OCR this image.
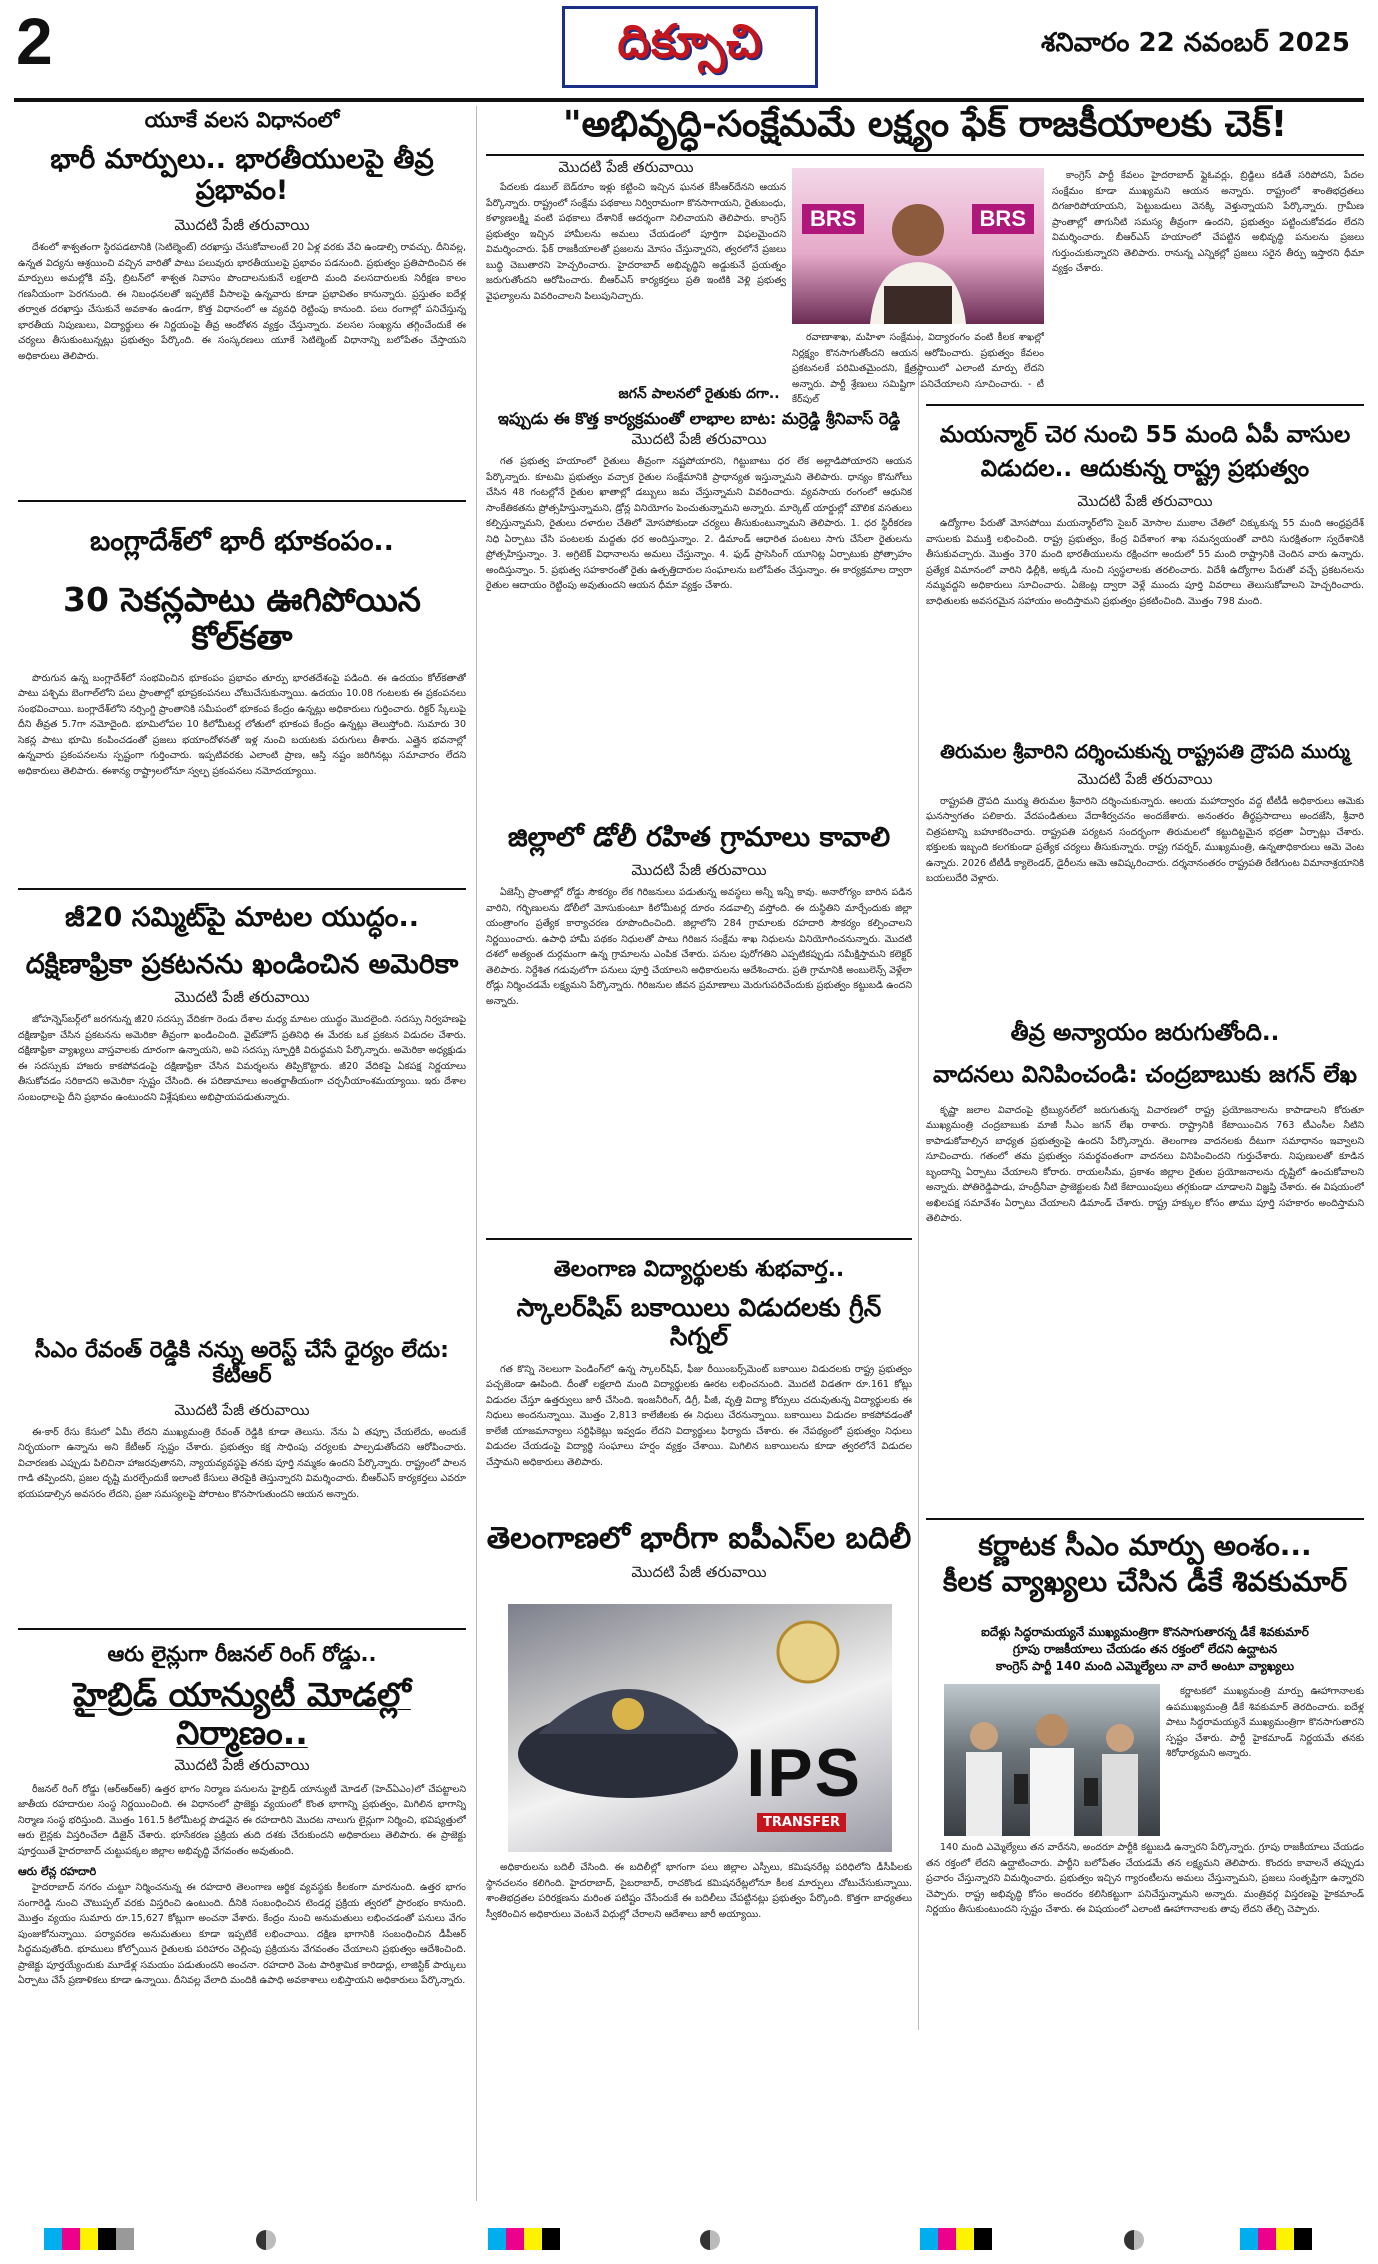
2	దిక్సూచి	శనివారం 22 నవంబర్ 2025
యూకే వలస విధానంలో
భారీ మార్పులు.. భారతీయులపై తీవ్ర ప్రభావం!
మొదటి పేజీ తరువాయి

దేశంలో శాశ్వతంగా స్థిరపడటానికి (సెటిల్మెంట్) దరఖాస్తు చేసుకోవాలంటే 20 ఏళ్ల వరకు వేచి ఉండాల్సి రావచ్చు. దీనివల్ల, ఉన్నత విద్యను ఆశ్రయించి వచ్చిన వారితో పాటు పలువురు భారతీయులపై ప్రభావం పడనుంది. ప్రభుత్వం ప్రతిపాదించిన ఈ మార్పులు అమల్లోకి వస్తే, బ్రిటన్‌లో శాశ్వత నివాసం పొందాలనుకునే లక్షలాది మంది వలసదారులకు నిరీక్షణ కాలం గణనీయంగా పెరగనుంది. ఈ నిబంధనలతో ఇప్పటికే వీసాలపై ఉన్నవారు కూడా ప్రభావితం కానున్నారు. ప్రస్తుతం ఐదేళ్ల తర్వాత దరఖాస్తు చేసుకునే అవకాశం ఉండగా, కొత్త విధానంలో ఆ వ్యవధి రెట్టింపు కానుంది. పలు రంగాల్లో పనిచేస్తున్న భారతీయ నిపుణులు, విద్యార్థులు ఈ నిర్ణయంపై తీవ్ర ఆందోళన వ్యక్తం చేస్తున్నారు. వలసల సంఖ్యను తగ్గించేందుకే ఈ చర్యలు తీసుకుంటున్నట్లు ప్రభుత్వం పేర్కొంది. ఈ సంస్కరణలు యూకే సెటిల్మెంట్ విధానాన్ని బలోపేతం చేస్తాయని అధికారులు తెలిపారు.

బంగ్లాదేశ్‌లో భారీ భూకంపం..
30 సెకన్లపాటు ఊగిపోయిన కోల్‌కతా

పొరుగున ఉన్న బంగ్లాదేశ్‌లో సంభవించిన భూకంపం ప్రభావం తూర్పు భారతదేశంపై పడింది. ఈ ఉదయం కోల్‌కతాతో పాటు పశ్చిమ బెంగాల్‌లోని పలు ప్రాంతాల్లో భూప్రకంపనలు చోటుచేసుకున్నాయి. ఉదయం 10.08 గంటలకు ఈ ప్రకంపనలు సంభవించాయి. బంగ్లాదేశ్‌లోని నర్సింగ్డి ప్రాంతానికి సమీపంలో భూకంప కేంద్రం ఉన్నట్లు అధికారులు గుర్తించారు. రిక్టర్ స్కేలుపై దీని తీవ్రత 5.7గా నమోదైంది. భూమిలోపల 10 కిలోమీటర్ల లోతులో భూకంప కేంద్రం ఉన్నట్లు తెలుస్తోంది. సుమారు 30 సెకన్ల పాటు భూమి కంపించడంతో ప్రజలు భయాందోళనతో ఇళ్ల నుంచి బయటకు పరుగులు తీశారు. ఎత్తైన భవనాల్లో ఉన్నవారు ప్రకంపనలను స్పష్టంగా గుర్తించారు. ఇప్పటివరకు ఎలాంటి ప్రాణ, ఆస్తి నష్టం జరిగినట్లు సమాచారం లేదని అధికారులు తెలిపారు. ఈశాన్య రాష్ట్రాలలోనూ స్వల్ప ప్రకంపనలు నమోదయ్యాయి.

జీ20 సమ్మిట్‌పై మాటల యుద్ధం..
దక్షిణాఫ్రికా ప్రకటనను ఖండించిన అమెరికా
మొదటి పేజీ తరువాయి

జోహన్నెస్‌బర్గ్‌లో జరగనున్న జీ20 సదస్సు వేదికగా రెండు దేశాల మధ్య మాటల యుద్ధం మొదలైంది. సదస్సు నిర్వహణపై దక్షిణాఫ్రికా చేసిన ప్రకటనను అమెరికా తీవ్రంగా ఖండించింది. వైట్‌హౌస్ ప్రతినిధి ఈ మేరకు ఒక ప్రకటన విడుదల చేశారు. దక్షిణాఫ్రికా వ్యాఖ్యలు వాస్తవాలకు దూరంగా ఉన్నాయని, అవి సదస్సు స్ఫూర్తికి విరుద్ధమని పేర్కొన్నారు. అమెరికా అధ్యక్షుడు ఈ సదస్సుకు హాజరు కాకపోవడంపై దక్షిణాఫ్రికా చేసిన విమర్శలను తిప్పికొట్టారు. జీ20 వేదికపై ఏకపక్ష నిర్ణయాలు తీసుకోవడం సరికాదని అమెరికా స్పష్టం చేసింది. ఈ పరిణామాలు అంతర్జాతీయంగా చర్చనీయాంశమయ్యాయి. ఇరు దేశాల సంబంధాలపై దీని ప్రభావం ఉంటుందని విశ్లేషకులు అభిప్రాయపడుతున్నారు.

సీఎం రేవంత్ రెడ్డికి నన్ను అరెస్ట్ చేసే ధైర్యం లేదు: కేటీఆర్
మొదటి పేజీ తరువాయి

ఈ-కార్ రేసు కేసులో ఏమీ లేదని ముఖ్యమంత్రి రేవంత్ రెడ్డికి కూడా తెలుసు. నేను ఏ తప్పూ చేయలేదు, అందుకే నిర్భయంగా ఉన్నాను అని కేటీఆర్ స్పష్టం చేశారు. ప్రభుత్వం కక్ష సాధింపు చర్యలకు పాల్పడుతోందని ఆరోపించారు. విచారణకు ఎప్పుడు పిలిచినా హాజరవుతానని, న్యాయవ్యవస్థపై తనకు పూర్తి నమ్మకం ఉందని పేర్కొన్నారు. రాష్ట్రంలో పాలన గాడి తప్పిందని, ప్రజల దృష్టి మరల్చేందుకే ఇలాంటి కేసులు తెరపైకి తెస్తున్నారని విమర్శించారు. బీఆర్ఎస్ కార్యకర్తలు ఎవరూ భయపడాల్సిన అవసరం లేదని, ప్రజా సమస్యలపై పోరాటం కొనసాగుతుందని ఆయన అన్నారు.

ఆరు లైన్లుగా రీజనల్ రింగ్ రోడ్డు..
హైబ్రిడ్ యాన్యుటీ మోడల్లో నిర్మాణం..
మొదటి పేజీ తరువాయి

రీజనల్ రింగ్ రోడ్డు (ఆర్ఆర్ఆర్) ఉత్తర భాగం నిర్మాణ పనులను హైబ్రిడ్ యాన్యుటీ మోడల్ (హెచ్ఏఎం)లో చేపట్టాలని జాతీయ రహదారుల సంస్థ నిర్ణయించింది. ఈ విధానంలో ప్రాజెక్టు వ్యయంలో కొంత భాగాన్ని ప్రభుత్వం, మిగిలిన భాగాన్ని నిర్మాణ సంస్థ భరిస్తుంది. మొత్తం 161.5 కిలోమీటర్ల పొడవైన ఈ రహదారిని మొదట నాలుగు లైన్లుగా నిర్మించి, భవిష్యత్తులో ఆరు లైన్లకు విస్తరించేలా డిజైన్ చేశారు. భూసేకరణ ప్రక్రియ తుది దశకు చేరుకుందని అధికారులు తెలిపారు. ఈ ప్రాజెక్టు పూర్తయితే హైదరాబాద్ చుట్టుపక్కల జిల్లాల అభివృద్ధి వేగవంతం అవుతుంది.

ఆరు లేన్ల రహదారి

హైదరాబాద్ నగరం చుట్టూ నిర్మించనున్న ఈ రహదారి తెలంగాణ ఆర్థిక వ్యవస్థకు కీలకంగా మారనుంది. ఉత్తర భాగం సంగారెడ్డి నుంచి చౌటుప్పల్ వరకు విస్తరించి ఉంటుంది. దీనికి సంబంధించిన టెండర్ల ప్రక్రియ త్వరలో ప్రారంభం కానుంది. మొత్తం వ్యయం సుమారు రూ.15,627 కోట్లుగా అంచనా వేశారు. కేంద్రం నుంచి అనుమతులు లభించడంతో పనులు వేగం పుంజుకోనున్నాయి. పర్యావరణ అనుమతులు కూడా ఇప్పటికే లభించాయి. దక్షిణ భాగానికి సంబంధించిన డీపీఆర్ సిద్ధమవుతోంది. భూములు కోల్పోయిన రైతులకు పరిహారం చెల్లింపు ప్రక్రియను వేగవంతం చేయాలని ప్రభుత్వం ఆదేశించింది. ప్రాజెక్టు పూర్తయ్యేందుకు మూడేళ్ల సమయం పడుతుందని అంచనా. రహదారి వెంట పారిశ్రామిక కారిడార్లు, లాజిస్టిక్ పార్కులు ఏర్పాటు చేసే ప్రణాళికలు కూడా ఉన్నాయి. దీనివల్ల వేలాది మందికి ఉపాధి అవకాశాలు లభిస్తాయని అధికారులు పేర్కొన్నారు.

"అభివృద్ధి-సంక్షేమమే లక్ష్యం ఫేక్ రాజకీయాలకు చెక్!
మొదటి పేజీ తరువాయి

పేదలకు డబుల్ బెడ్‌రూం ఇళ్లు కట్టించి ఇచ్చిన ఘనత కేసీఆర్‌దేనని ఆయన పేర్కొన్నారు. రాష్ట్రంలో సంక్షేమ పథకాలు నిర్విరామంగా కొనసాగాయని, రైతుబంధు, కళ్యాణలక్ష్మి వంటి పథకాలు దేశానికే ఆదర్శంగా నిలిచాయని తెలిపారు. కాంగ్రెస్ ప్రభుత్వం ఇచ్చిన హామీలను అమలు చేయడంలో పూర్తిగా విఫలమైందని విమర్శించారు. ఫేక్ రాజకీయాలతో ప్రజలను మోసం చేస్తున్నారని, త్వరలోనే ప్రజలు బుద్ధి చెబుతారని హెచ్చరించారు. హైదరాబాద్ అభివృద్ధిని అడ్డుకునే ప్రయత్నం జరుగుతోందని ఆరోపించారు. బీఆర్ఎస్ కార్యకర్తలు ప్రతి ఇంటికి వెళ్లి ప్రభుత్వ వైఫల్యాలను వివరించాలని పిలుపునిచ్చారు.

BRS	BRS

కాంగ్రెస్ పార్టీ కేవలం హైదరాబాద్ ఫ్లైఓవర్లు, బ్రిడ్జిలు కడితే సరిపోదని, పేదల సంక్షేమం కూడా ముఖ్యమని ఆయన అన్నారు. రాష్ట్రంలో శాంతిభద్రతలు దిగజారిపోయాయని, పెట్టుబడులు వెనక్కి వెళ్తున్నాయని పేర్కొన్నారు. గ్రామీణ ప్రాంతాల్లో తాగునీటి సమస్య తీవ్రంగా ఉందని, ప్రభుత్వం పట్టించుకోవడం లేదని విమర్శించారు. బీఆర్ఎస్ హయాంలో చేపట్టిన అభివృద్ధి పనులను ప్రజలు గుర్తుంచుకున్నారని తెలిపారు. రానున్న ఎన్నికల్లో ప్రజలు సరైన తీర్పు ఇస్తారని ధీమా వ్యక్తం చేశారు.

రవాణాశాఖ, మహిళా సంక్షేమం, విద్యారంగం వంటి కీలక శాఖల్లో నిర్లక్ష్యం కొనసాగుతోందని ఆయన ఆరోపించారు. ప్రభుత్వం కేవలం ప్రకటనలకే పరిమితమైందని, క్షేత్రస్థాయిలో ఎలాంటి మార్పు లేదని అన్నారు. పార్టీ శ్రేణులు సమిష్టిగా పనిచేయాలని సూచించారు. - టీ కేర్‌పుల్

జగన్ పాలనలో రైతుకు దగా..
ఇప్పుడు ఈ కొత్త కార్యక్రమంతో లాభాల బాట: మర్రెడ్డి శ్రీనివాస్ రెడ్డి
మొదటి పేజీ తరువాయి

గత ప్రభుత్వ హయాంలో రైతులు తీవ్రంగా నష్టపోయారని, గిట్టుబాటు ధర లేక అల్లాడిపోయారని ఆయన పేర్కొన్నారు. కూటమి ప్రభుత్వం వచ్చాక రైతుల సంక్షేమానికి ప్రాధాన్యత ఇస్తున్నామని తెలిపారు. ధాన్యం కొనుగోలు చేసిన 48 గంటల్లోనే రైతుల ఖాతాల్లో డబ్బులు జమ చేస్తున్నామని వివరించారు. వ్యవసాయ రంగంలో ఆధునిక సాంకేతికతను ప్రోత్సహిస్తున్నామని, డ్రోన్ల వినియోగం పెంచుతున్నామని అన్నారు. మార్కెట్ యార్డుల్లో మౌలిక వసతులు కల్పిస్తున్నామని, రైతులు దళారుల చేతిలో మోసపోకుండా చర్యలు తీసుకుంటున్నామని తెలిపారు. 1. ధర స్థిరీకరణ నిధి ఏర్పాటు చేసి పంటలకు మద్దతు ధర అందిస్తున్నాం. 2. డిమాండ్ ఆధారిత పంటలు సాగు చేసేలా రైతులను ప్రోత్సహిస్తున్నాం. 3. అగ్రిటెక్ విధానాలను అమలు చేస్తున్నాం. 4. ఫుడ్ ప్రాసెసింగ్ యూనిట్ల ఏర్పాటుకు ప్రోత్సాహం అందిస్తున్నాం. 5. ప్రభుత్వ సహకారంతో రైతు ఉత్పత్తిదారుల సంఘాలను బలోపేతం చేస్తున్నాం. ఈ కార్యక్రమాల ద్వారా రైతుల ఆదాయం రెట్టింపు అవుతుందని ఆయన ధీమా వ్యక్తం చేశారు.

జిల్లాలో డోలీ రహిత గ్రామాలు కావాలి
మొదటి పేజీ తరువాయి

ఏజెన్సీ ప్రాంతాల్లో రోడ్డు సౌకర్యం లేక గిరిజనులు పడుతున్న అవస్థలు అన్నీ ఇన్నీ కావు. అనారోగ్యం బారిన పడిన వారిని, గర్భిణులను డోలీలో మోసుకుంటూ కిలోమీటర్ల దూరం నడవాల్సి వస్తోంది. ఈ దుస్థితిని మార్చేందుకు జిల్లా యంత్రాంగం ప్రత్యేక కార్యాచరణ రూపొందించింది. జిల్లాలోని 284 గ్రామాలకు రహదారి సౌకర్యం కల్పించాలని నిర్ణయించారు. ఉపాధి హామీ పథకం నిధులతో పాటు గిరిజన సంక్షేమ శాఖ నిధులను వినియోగించనున్నారు. మొదటి దశలో అత్యంత దుర్గమంగా ఉన్న గ్రామాలను ఎంపిక చేశారు. పనుల పురోగతిని ఎప్పటికప్పుడు సమీక్షిస్తామని కలెక్టర్ తెలిపారు. నిర్దేశిత గడువులోగా పనులు పూర్తి చేయాలని అధికారులను ఆదేశించారు. ప్రతి గ్రామానికి అంబులెన్స్ వెళ్లేలా రోడ్లు నిర్మించడమే లక్ష్యమని పేర్కొన్నారు. గిరిజనుల జీవన ప్రమాణాలు మెరుగుపరిచేందుకు ప్రభుత్వం కట్టుబడి ఉందని అన్నారు.

తెలంగాణ విద్యార్థులకు శుభవార్త..
స్కాలర్‌షిప్ బకాయిలు విడుదలకు గ్రీన్ సిగ్నల్

గత కొన్ని నెలలుగా పెండింగ్‌లో ఉన్న స్కాలర్‌షిప్, ఫీజు రీయింబర్స్‌మెంట్ బకాయిల విడుదలకు రాష్ట్ర ప్రభుత్వం పచ్చజెండా ఊపింది. దీంతో లక్షలాది మంది విద్యార్థులకు ఊరట లభించనుంది. మొదటి విడతగా రూ.161 కోట్లు విడుదల చేస్తూ ఉత్తర్వులు జారీ చేసింది. ఇంజనీరింగ్, డిగ్రీ, పీజీ, వృత్తి విద్యా కోర్సులు చదువుతున్న విద్యార్థులకు ఈ నిధులు అందనున్నాయి. మొత్తం 2,813 కాలేజీలకు ఈ నిధులు చేరనున్నాయి. బకాయిలు విడుదల కాకపోవడంతో కాలేజీ యాజమాన్యాలు సర్టిఫికెట్లు ఇవ్వడం లేదని విద్యార్థులు ఫిర్యాదు చేశారు. ఈ నేపథ్యంలో ప్రభుత్వం నిధులు విడుదల చేయడంపై విద్యార్థి సంఘాలు హర్షం వ్యక్తం చేశాయి. మిగిలిన బకాయిలను కూడా త్వరలోనే విడుదల చేస్తామని అధికారులు తెలిపారు.

తెలంగాణలో భారీగా ఐపీఎస్‌ల బదిలీ
మొదటి పేజీ తరువాయి
IPS
TRANSFER

అధికారులను బదిలీ చేసింది. ఈ బదిలీల్లో భాగంగా పలు జిల్లాల ఎస్పీలు, కమిషనరేట్ల పరిధిలోని డీసీపీలకు స్థానచలనం కలిగింది. హైదరాబాద్, సైబరాబాద్, రాచకొండ కమిషనరేట్లలోనూ కీలక మార్పులు చోటుచేసుకున్నాయి. శాంతిభద్రతల పరిరక్షణను మరింత పటిష్టం చేసేందుకే ఈ బదిలీలు చేపట్టినట్లు ప్రభుత్వం పేర్కొంది. కొత్తగా బాధ్యతలు స్వీకరించిన అధికారులు వెంటనే విధుల్లో చేరాలని ఆదేశాలు జారీ అయ్యాయి.

మయన్మార్ చెర నుంచి 55 మంది ఏపీ వాసుల విడుదల.. ఆదుకున్న రాష్ట్ర ప్రభుత్వం
మొదటి పేజీ తరువాయి

ఉద్యోగాల పేరుతో మోసపోయి మయన్మార్‌లోని సైబర్ మోసాల ముఠాల చేతిలో చిక్కుకున్న 55 మంది ఆంధ్రప్రదేశ్ వాసులకు విముక్తి లభించింది. రాష్ట్ర ప్రభుత్వం, కేంద్ర విదేశాంగ శాఖ సమన్వయంతో వారిని సురక్షితంగా స్వదేశానికి తీసుకువచ్చారు. మొత్తం 370 మంది భారతీయులను రక్షించగా అందులో 55 మంది రాష్ట్రానికి చెందిన వారు ఉన్నారు. ప్రత్యేక విమానంలో వారిని ఢిల్లీకి, అక్కడి నుంచి స్వస్థలాలకు తరలించారు. విదేశీ ఉద్యోగాల పేరుతో వచ్చే ప్రకటనలను నమ్మవద్దని అధికారులు సూచించారు. ఏజెంట్ల ద్వారా వెళ్లే ముందు పూర్తి వివరాలు తెలుసుకోవాలని హెచ్చరించారు. బాధితులకు అవసరమైన సహాయం అందిస్తామని ప్రభుత్వం ప్రకటించింది. మొత్తం 798 మంది.

తిరుమల శ్రీవారిని దర్శించుకున్న రాష్ట్రపతి ద్రౌపది ముర్ము
మొదటి పేజీ తరువాయి

రాష్ట్రపతి ద్రౌపది ముర్ము తిరుమల శ్రీవారిని దర్శించుకున్నారు. ఆలయ మహాద్వారం వద్ద టీటీడీ అధికారులు ఆమెకు ఘనస్వాగతం పలికారు. వేదపండితులు వేదాశీర్వచనం అందజేశారు. అనంతరం తీర్థప్రసాదాలు అందజేసి, శ్రీవారి చిత్రపటాన్ని బహూకరించారు. రాష్ట్రపతి పర్యటన సందర్భంగా తిరుమలలో కట్టుదిట్టమైన భద్రతా ఏర్పాట్లు చేశారు. భక్తులకు ఇబ్బంది కలగకుండా ప్రత్యేక చర్యలు తీసుకున్నారు. రాష్ట్ర గవర్నర్, ముఖ్యమంత్రి, ఉన్నతాధికారులు ఆమె వెంట ఉన్నారు. 2026 టీటీడీ క్యాలెండర్, డైరీలను ఆమె ఆవిష్కరించారు. దర్శనానంతరం రాష్ట్రపతి రేణిగుంట విమానాశ్రయానికి బయలుదేరి వెళ్లారు.

తీవ్ర అన్యాయం జరుగుతోంది..
వాదనలు వినిపించండి: చంద్రబాబుకు జగన్ లేఖ

కృష్ణా జలాల వివాదంపై ట్రిబ్యునల్‌లో జరుగుతున్న విచారణలో రాష్ట్ర ప్రయోజనాలను కాపాడాలని కోరుతూ ముఖ్యమంత్రి చంద్రబాబుకు మాజీ సీఎం జగన్ లేఖ రాశారు. రాష్ట్రానికి కేటాయించిన 763 టీఎంసీల నీటిని కాపాడుకోవాల్సిన బాధ్యత ప్రభుత్వంపై ఉందని పేర్కొన్నారు. తెలంగాణ వాదనలకు దీటుగా సమాధానం ఇవ్వాలని సూచించారు. గతంలో తమ ప్రభుత్వం సమర్థవంతంగా వాదనలు వినిపించిందని గుర్తుచేశారు. నిపుణులతో కూడిన బృందాన్ని ఏర్పాటు చేయాలని కోరారు. రాయలసీమ, ప్రకాశం జిల్లాల రైతుల ప్రయోజనాలను దృష్టిలో ఉంచుకోవాలని అన్నారు. పోతిరెడ్డిపాడు, హంద్రీనీవా ప్రాజెక్టులకు నీటి కేటాయింపులు తగ్గకుండా చూడాలని విజ్ఞప్తి చేశారు. ఈ విషయంలో అఖిలపక్ష సమావేశం ఏర్పాటు చేయాలని డిమాండ్ చేశారు. రాష్ట్ర హక్కుల కోసం తాము పూర్తి సహకారం అందిస్తామని తెలిపారు.

కర్ణాటక సీఎం మార్పు అంశం...
కీలక వ్యాఖ్యలు చేసిన డీకే శివకుమార్
ఐదేళ్లు సిద్ధరామయ్యనే ముఖ్యమంత్రిగా కొనసాగుతారన్న డీకే శివకుమార్
గ్రూపు రాజకీయాలు చేయడం తన రక్తంలో లేదని ఉద్ఘాటన
కాంగ్రెస్ పార్టీ 140 మంది ఎమ్మెల్యేలు నా వారే అంటూ వ్యాఖ్యలు

కర్ణాటకలో ముఖ్యమంత్రి మార్పు ఊహాగానాలకు ఉపముఖ్యమంత్రి డీకే శివకుమార్ తెరదించారు. ఐదేళ్ల పాటు సిద్ధరామయ్యనే ముఖ్యమంత్రిగా కొనసాగుతారని స్పష్టం చేశారు. పార్టీ హైకమాండ్ నిర్ణయమే తనకు శిరోధార్యమని అన్నారు.

140 మంది ఎమ్మెల్యేలు తన వారేనని, అందరూ పార్టీకి కట్టుబడి ఉన్నారని పేర్కొన్నారు. గ్రూపు రాజకీయాలు చేయడం తన రక్తంలో లేదని ఉద్ఘాటించారు. పార్టీని బలోపేతం చేయడమే తన లక్ష్యమని తెలిపారు. కొందరు కావాలనే తప్పుడు ప్రచారం చేస్తున్నారని విమర్శించారు. ప్రభుత్వం ఇచ్చిన గ్యారంటీలను అమలు చేస్తున్నామని, ప్రజలు సంతృప్తిగా ఉన్నారని చెప్పారు. రాష్ట్ర అభివృద్ధి కోసం అందరం కలిసికట్టుగా పనిచేస్తున్నామని అన్నారు. మంత్రివర్గ విస్తరణపై హైకమాండ్ నిర్ణయం తీసుకుంటుందని స్పష్టం చేశారు. ఈ విషయంలో ఎలాంటి ఊహాగానాలకు తావు లేదని తేల్చి చెప్పారు.
